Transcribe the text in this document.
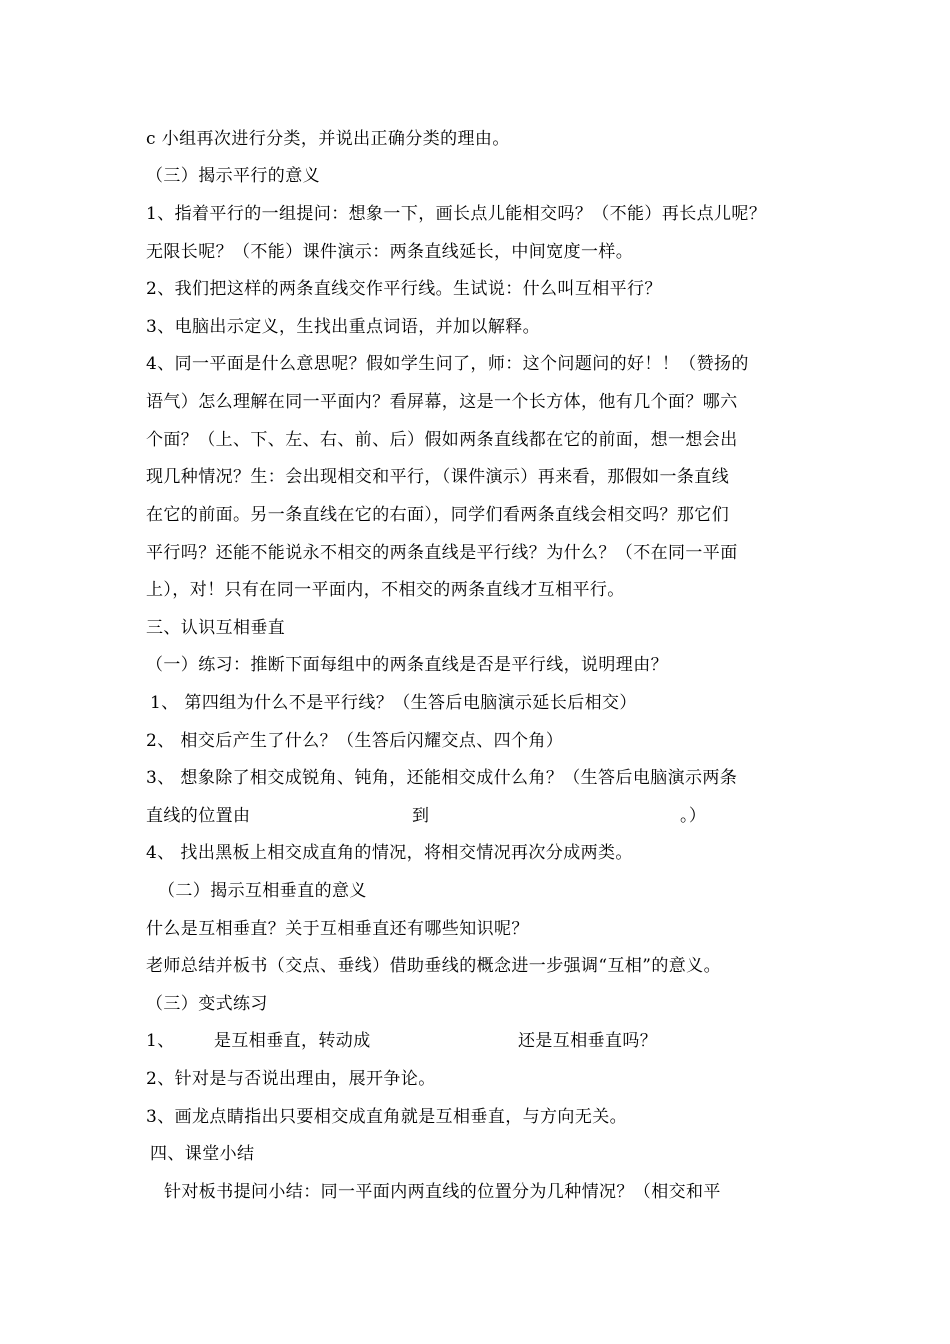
c 小组再次进行分类，并说出正确分类的理由。
（三）揭示平行的意义
1、指着平行的一组提问：想象一下，画长点儿能相交吗？（不能）再长点儿呢？
无限长呢？（不能）课件演示：两条直线延长，中间宽度一样。
2、我们把这样的两条直线交作平行线。生试说：什么叫互相平行？
3、电脑出示定义，生找出重点词语，并加以解释。
4、同一平面是什么意思呢？假如学生问了，师：这个问题问的好！！（赞扬的
语气）怎么理解在同一平面内？看屏幕，这是一个长方体，他有几个面？哪六
个面？（上、下、左、右、前、后）假如两条直线都在它的前面，想一想会出
现几种情况？生：会出现相交和平行，（课件演示）再来看，那假如一条直线
在它的前面。另一条直线在它的右面），同学们看两条直线会相交吗？那它们
平行吗？还能不能说永不相交的两条直线是平行线？为什么？（不在同一平面
上），对！只有在同一平面内，不相交的两条直线才互相平行。
三、认识互相垂直
（一）练习：推断下面每组中的两条直线是否是平行线，说明理由？
1、 第四组为什么不是平行线？（生答后电脑演示延长后相交）
2、 相交后产生了什么？（生答后闪耀交点、四个角）
3、 想象除了相交成锐角、钝角，还能相交成什么角？（生答后电脑演示两条
直线的位置由	到	。）
4、 找出黑板上相交成直角的情况，将相交情况再次分成两类。
（二）揭示互相垂直的意义
什么是互相垂直？关于互相垂直还有哪些知识呢？
老师总结并板书（交点、垂线）借助垂线的概念进一步强调“互相”的意义。
（三）变式练习
1、 是互相垂直，转动成	还是互相垂直吗？
2、针对是与否说出理由，展开争论。
3、画龙点睛指出只要相交成直角就是互相垂直，与方向无关。
四、课堂小结
针对板书提问小结：同一平面内两直线的位置分为几种情况？（相交和平
